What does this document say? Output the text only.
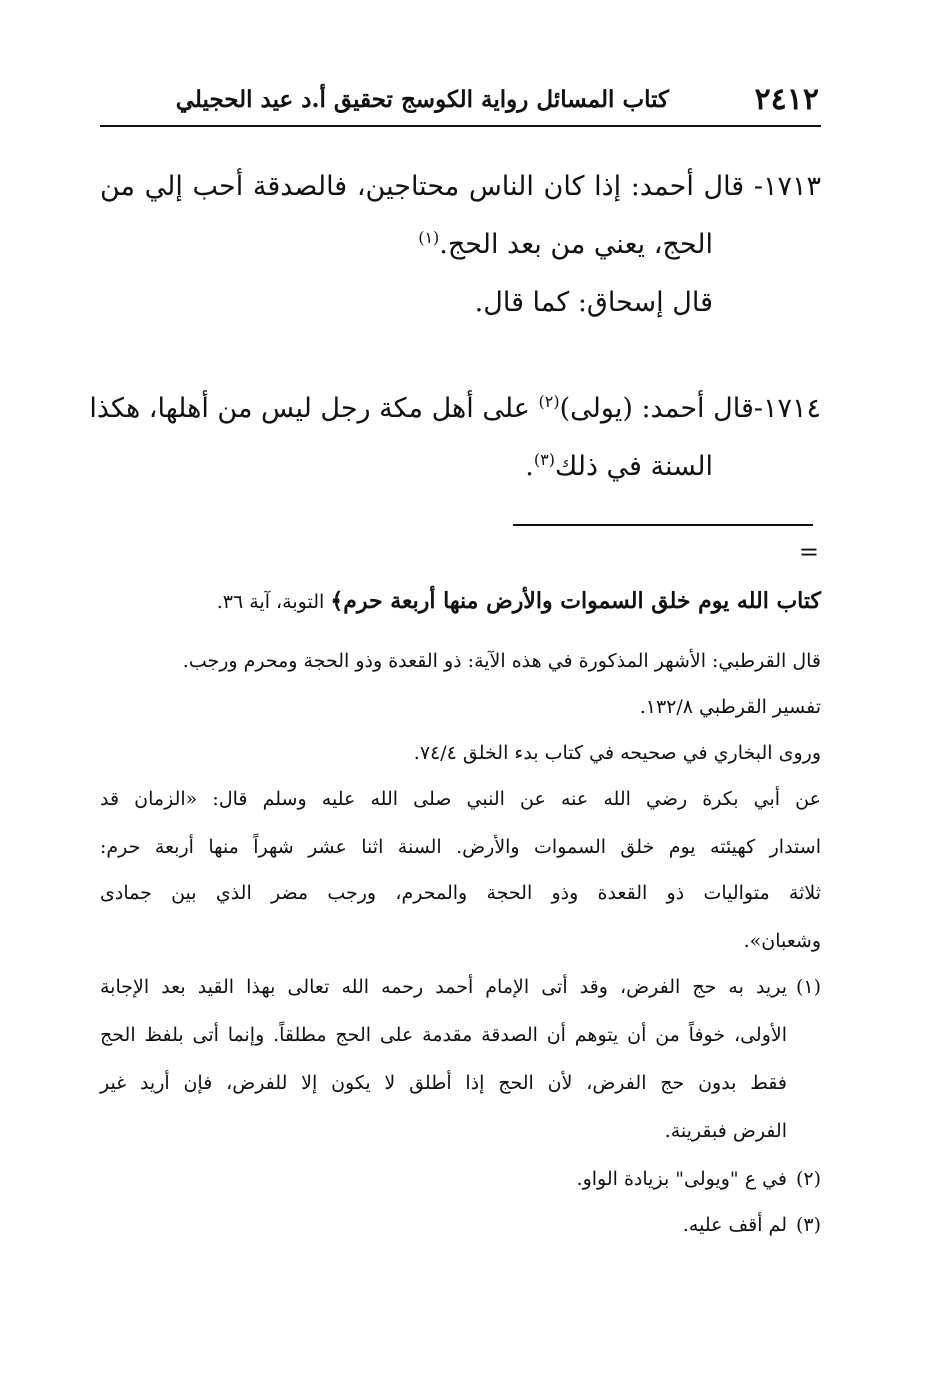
٢٤١٢
كتاب المسائل رواية الكوسج تحقيق أ.د عيد الحجيلي
١٧١٣- قال أحمد: إذا كان الناس محتاجين، فالصدقة أحب إلي من
الحج، يعني من بعد الحج.$^{(١)}$
قال إسحاق: كما قال.
١٧١٤-قال أحمد: (يولى)$^{(٢)}$ على أهل مكة رجل ليس من أهلها، هكذا
السنة في ذلك$^{(٣)}$.
=
كتاب الله يوم خلق السموات والأرض منها أربعة حرم﴾ التوبة، آية ٣٦.
قال القرطبي: الأشهر المذكورة في هذه الآية: ذو القعدة وذو الحجة ومحرم ورجب.
تفسير القرطبي ١٣٢/٨.
وروى البخاري في صحيحه في كتاب بدء الخلق ٧٤/٤.
عن أبي بكرة رضي الله عنه عن النبي صلى الله عليه وسلم قال: «الزمان قد
استدار كهيئته يوم خلق السموات والأرض. السنة اثنا عشر شهراً منها أربعة حرم:
ثلاثة متواليات ذو القعدة وذو الحجة والمحرم، ورجب مضر الذي بين جمادى
وشعبان».
(١)
يريد به حج الفرض، وقد أتى الإمام أحمد رحمه الله تعالى بهذا القيد بعد الإجابة
الأولى، خوفاً من أن يتوهم أن الصدقة مقدمة على الحج مطلقاً. وإنما أتى بلفظ الحج
فقط بدون حج الفرض، لأن الحج إذا أطلق لا يكون إلا للفرض، فإن أريد غير
الفرض فبقرينة.
(٢)
في ع "ويولى" بزيادة الواو.
(٣)
لم أقف عليه.
